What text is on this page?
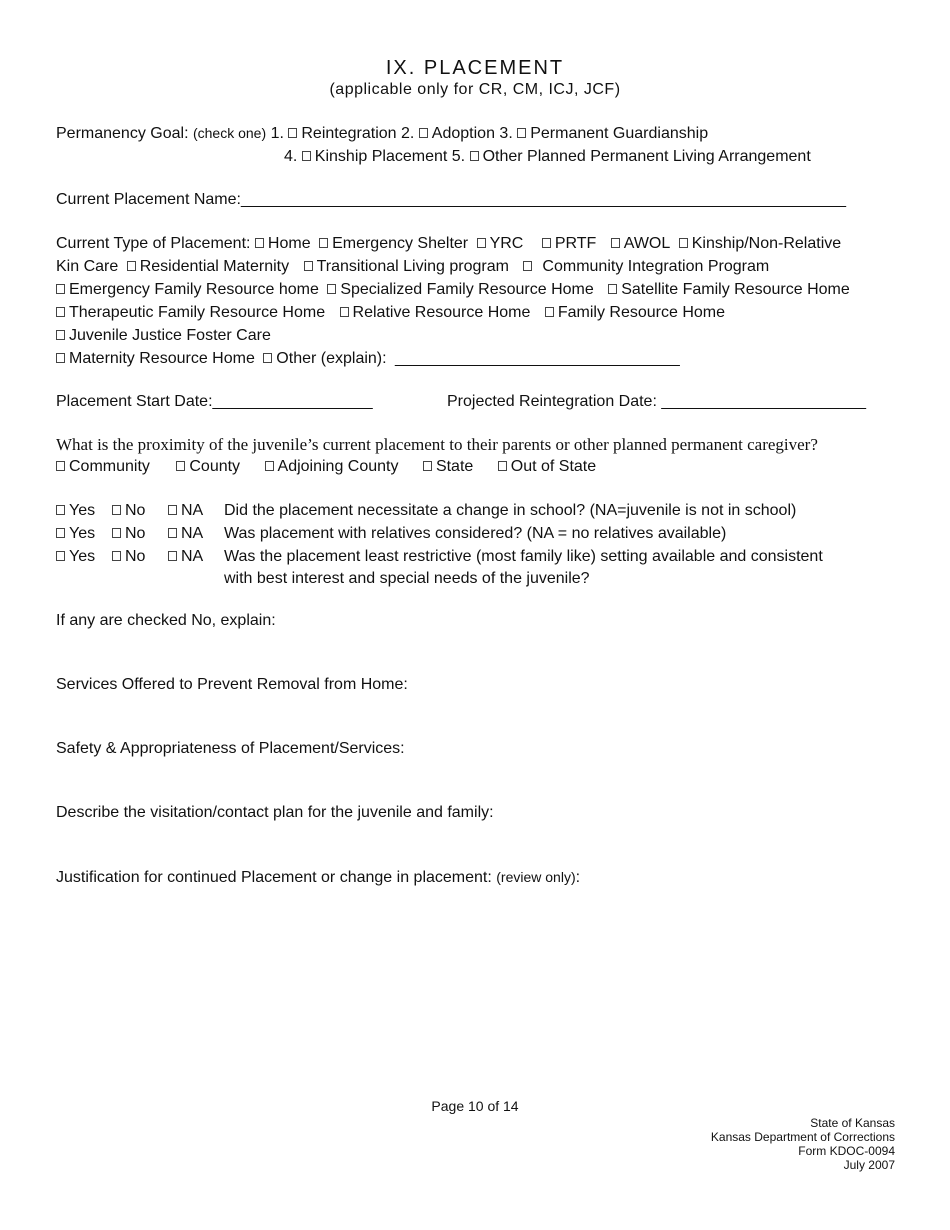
IX. PLACEMENT
(applicable only for CR, CM, ICJ, JCF)
Permanency Goal: (check one) 1. Reintegration 2. Adoption 3. Permanent Guardianship
4. Kinship Placement 5. Other Planned Permanent Living Arrangement
Current Placement Name:____________________________________________________________________
Current Type of Placement: Home Emergency Shelter YRC PRTF AWOL Kinship/Non-Relative
Kin Care Residential Maternity Transitional Living program Community Integration Program
Emergency Family Resource home Specialized Family Resource Home Satellite Family Resource Home
Therapeutic Family Resource Home Relative Resource Home Family Resource Home
Juvenile Justice Foster Care
Maternity Resource Home Other (explain): ________________________________
Placement Start Date:__________________	Projected Reintegration Date: _______________________
What is the proximity of the juvenile’s current placement to their parents or other planned permanent caregiver?
Community County Adjoining County State Out of State
Yes No NA Did the placement necessitate a change in school? (NA=juvenile is not in school)
Yes No NA Was placement with relatives considered? (NA = no relatives available)
Yes No NA Was the placement least restrictive (most family like) setting available and consistent
with best interest and special needs of the juvenile?
If any are checked No, explain:
Services Offered to Prevent Removal from Home:
Safety & Appropriateness of Placement/Services:
Describe the visitation/contact plan for the juvenile and family:
Justification for continued Placement or change in placement: (review only):
Page 10 of 14
State of Kansas
Kansas Department of Corrections
Form KDOC-0094
July 2007
